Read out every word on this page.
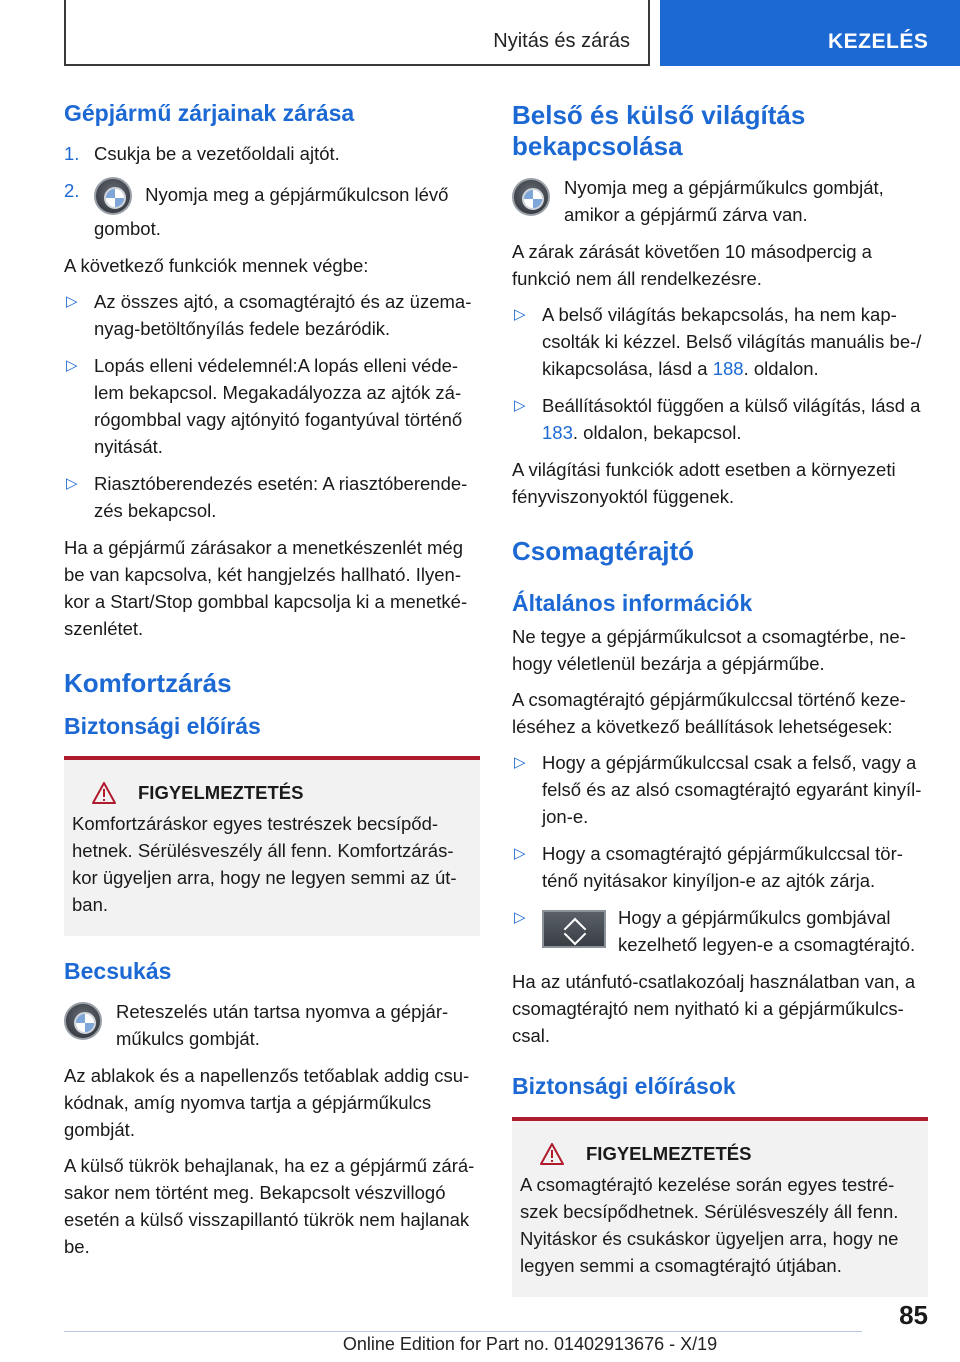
Nyitás és zárás	KEZELÉS
Gépjármű zárjainak zárása
1. Csukja be a vezetőoldali ajtót.
2.	Nyomja meg a gépjárműkulcson lévő gombot.
A következő funkciók mennek végbe:
▷ Az összes ajtó, a csomagtérajtó és az üzemanyag-betöltőnyílás fedele bezáródik.
▷ Lopás elleni védelemnél:A lopás elleni védelem bekapcsol. Megakadályozza az ajtók zárógombbal vagy ajtónyitó fogantyúval történő nyitását.
▷ Riasztóberendezés esetén: A riasztóberendezés bekapcsol.
Ha a gépjármű zárásakor a menetkészenlét még be van kapcsolva, két hangjelzés hallható. Ilyenkor a Start/Stop gombbal kapcsolja ki a menetkészenlétet.
Komfortzárás
Biztonsági előírás
FIGYELMEZTETÉS
Komfortzáráskor egyes testrészek becsípődhetnek. Sérülésveszély áll fenn. Komfortzáráskor ügyeljen arra, hogy ne legyen semmi az útban.
Becsukás
Reteszelés után tartsa nyomva a gépjárműkulcs gombját.
Az ablakok és a napellenzős tetőablak addig csukódnak, amíg nyomva tartja a gépjárműkulcs gombját.
A külső tükrök behajlanak, ha ez a gépjármű zárásakor nem történt meg. Bekapcsolt vészvillogó esetén a külső visszapillantó tükrök nem hajlanak be.
Belső és külső világítás bekapcsolása
Nyomja meg a gépjárműkulcs gombját, amikor a gépjármű zárva van.
A zárak zárását követően 10 másodpercig a funkció nem áll rendelkezésre.
▷ A belső világítás bekapcsolás, ha nem kapcsolták ki kézzel. Belső világítás manuális be-/ kikapcsolása, lásd a 188. oldalon.
▷ Beállításoktól függően a külső világítás, lásd a 183. oldalon, bekapcsol.
A világítási funkciók adott esetben a környezeti fényviszonyoktól függenek.
Csomagtérajtó
Általános információk
Ne tegye a gépjárműkulcsot a csomagtérbe, nehogy véletlenül bezárja a gépjárműbe.
A csomagtérajtó gépjárműkulccsal történő kezeléséhez a következő beállítások lehetségesek:
▷ Hogy a gépjárműkulccsal csak a felső, vagy a felső és az alsó csomagtérajtó egyaránt kinyíljon-e.
▷ Hogy a csomagtérajtó gépjárműkulccsal történő nyitásakor kinyíljon-e az ajtók zárja.
▷	Hogy a gépjárműkulcs gombjával kezelhető legyen-e a csomagtérajtó.
Ha az utánfutó-csatlakozóalj használatban van, a csomagtérajtó nem nyitható ki a gépjárműkulcscsal.
Biztonsági előírások
FIGYELMEZTETÉS
A csomagtérajtó kezelése során egyes testrészek becsípődhetnek. Sérülésveszély áll fenn. Nyitáskor és csukáskor ügyeljen arra, hogy ne legyen semmi a csomagtérajtó útjában.
85
Online Edition for Part no. 01402913676 - X/19
